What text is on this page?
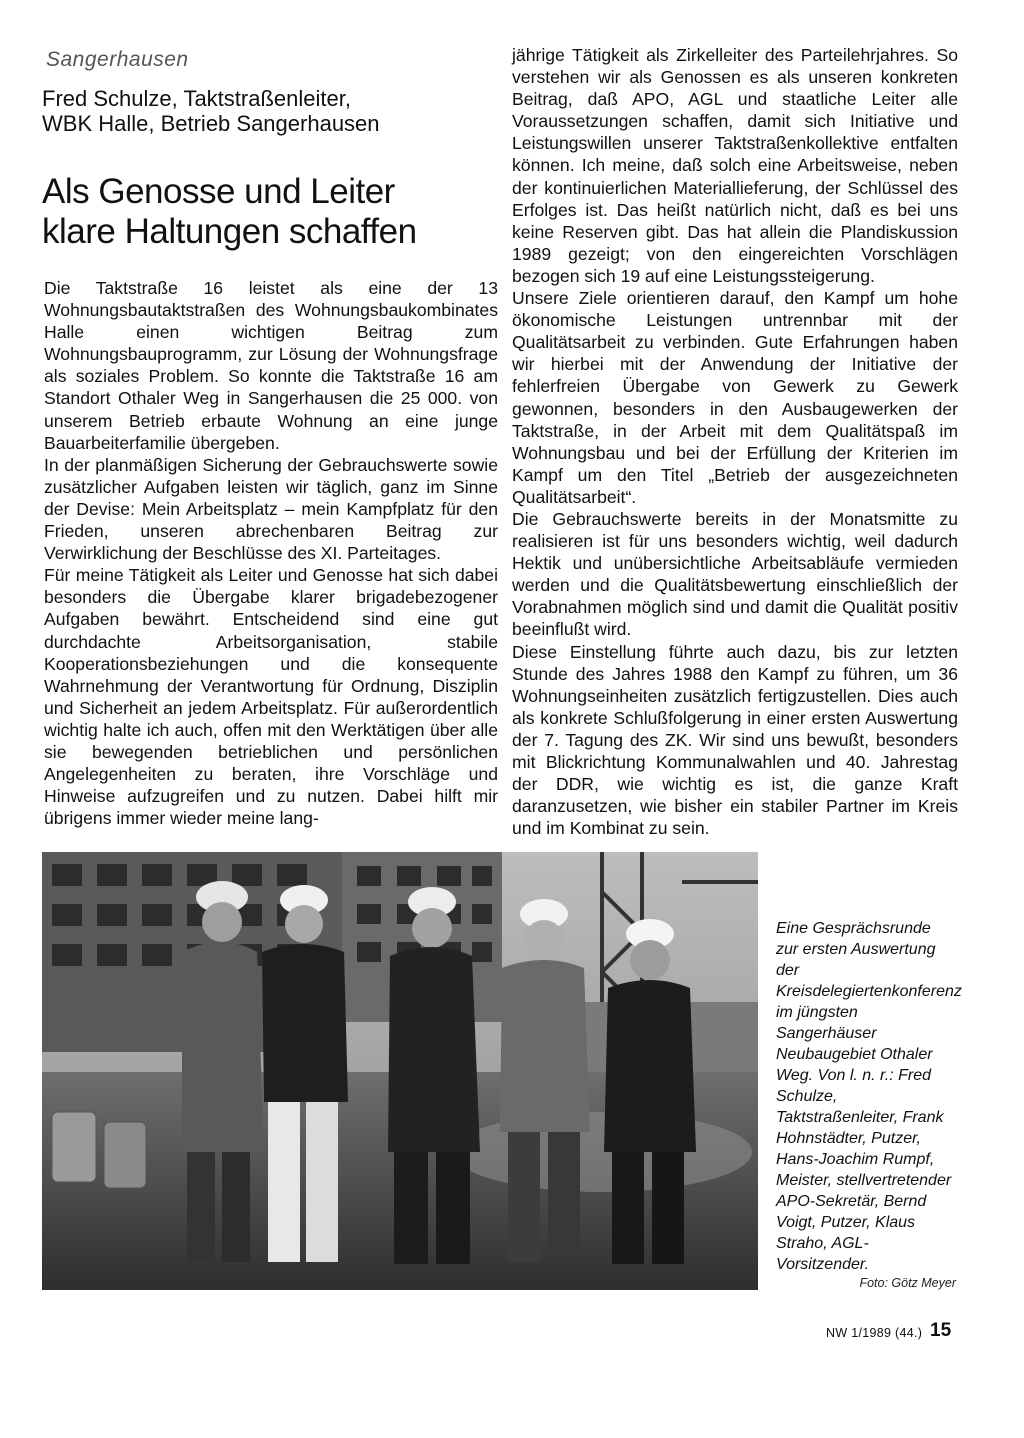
Sangerhausen
Fred Schulze, Taktstraßenleiter,
WBK Halle, Betrieb Sangerhausen
Als Genosse und Leiter
klare Haltungen schaffen

Die Taktstraße 16 leistet als eine der 13 Wohnungsbautaktstraßen des Wohnungsbaukombinates Halle einen wichtigen Beitrag zum Wohnungsbauprogramm, zur Lösung der Wohnungsfrage als soziales Problem. So konnte die Taktstraße 16 am Standort Othaler Weg in Sangerhausen die 25 000. von unserem Betrieb erbaute Wohnung an eine junge Bauarbeiterfamilie übergeben.

In der planmäßigen Sicherung der Gebrauchswerte sowie zusätzlicher Aufgaben leisten wir täglich, ganz im Sinne der Devise: Mein Arbeitsplatz – mein Kampfplatz für den Frieden, unseren abrechenbaren Beitrag zur Verwirklichung der Beschlüsse des XI. Parteitages.

Für meine Tätigkeit als Leiter und Genosse hat sich dabei besonders die Übergabe klarer brigadebezogener Aufgaben bewährt. Entscheidend sind eine gut durchdachte Arbeitsorganisation, stabile Kooperationsbeziehungen und die konsequente Wahrnehmung der Verantwortung für Ordnung, Disziplin und Sicherheit an jedem Arbeitsplatz. Für außerordentlich wichtig halte ich auch, offen mit den Werktätigen über alle sie bewegenden betrieblichen und persönlichen Angelegenheiten zu beraten, ihre Vorschläge und Hinweise aufzugreifen und zu nutzen. Dabei hilft mir übrigens immer wieder meine lang-

jährige Tätigkeit als Zirkelleiter des Parteilehrjahres. So verstehen wir als Genossen es als unseren konkreten Beitrag, daß APO, AGL und staatliche Leiter alle Voraussetzungen schaffen, damit sich Initiative und Leistungswillen unserer Taktstraßenkollektive entfalten können. Ich meine, daß solch eine Arbeitsweise, neben der kontinuierlichen Materiallieferung, der Schlüssel des Erfolges ist. Das heißt natürlich nicht, daß es bei uns keine Reserven gibt. Das hat allein die Plandiskussion 1989 gezeigt; von den eingereichten Vorschlägen bezogen sich 19 auf eine Leistungssteigerung.

Unsere Ziele orientieren darauf, den Kampf um hohe ökonomische Leistungen untrennbar mit der Qualitätsarbeit zu verbinden. Gute Erfahrungen haben wir hierbei mit der Anwendung der Initiative der fehlerfreien Übergabe von Gewerk zu Gewerk gewonnen, besonders in den Ausbaugewerken der Taktstraße, in der Arbeit mit dem Qualitätspaß im Wohnungsbau und bei der Erfüllung der Kriterien im Kampf um den Titel „Betrieb der ausgezeichneten Qualitätsarbeit“.

Die Gebrauchswerte bereits in der Monatsmitte zu realisieren ist für uns besonders wichtig, weil dadurch Hektik und unübersichtliche Arbeitsabläufe vermieden werden und die Qualitätsbewertung einschließlich der Vorabnahmen möglich sind und damit die Qualität positiv beeinflußt wird.

Diese Einstellung führte auch dazu, bis zur letzten Stunde des Jahres 1988 den Kampf zu führen, um 36 Wohnungseinheiten zusätzlich fertigzustellen. Dies auch als konkrete Schlußfolgerung in einer ersten Auswertung der 7. Tagung des ZK. Wir sind uns bewußt, besonders mit Blickrichtung Kommunalwahlen und 40. Jahrestag der DDR, wie wichtig es ist, die ganze Kraft daranzusetzen, wie bisher ein stabiler Partner im Kreis und im Kombinat zu sein.

Eine Gesprächsrunde zur ersten Auswertung der Kreisdelegiertenkonferenz im jüngsten Sangerhäuser Neubaugebiet Othaler Weg. Von l. n. r.: Fred Schulze, Taktstraßenleiter, Frank Hohnstädter, Putzer, Hans-Joachim Rumpf, Meister, stellvertretender APO-Sekretär, Bernd Voigt, Putzer, Klaus Straho, AGL-Vorsitzender.
Foto: Götz Meyer
NW 1/1989 (44.) 15
